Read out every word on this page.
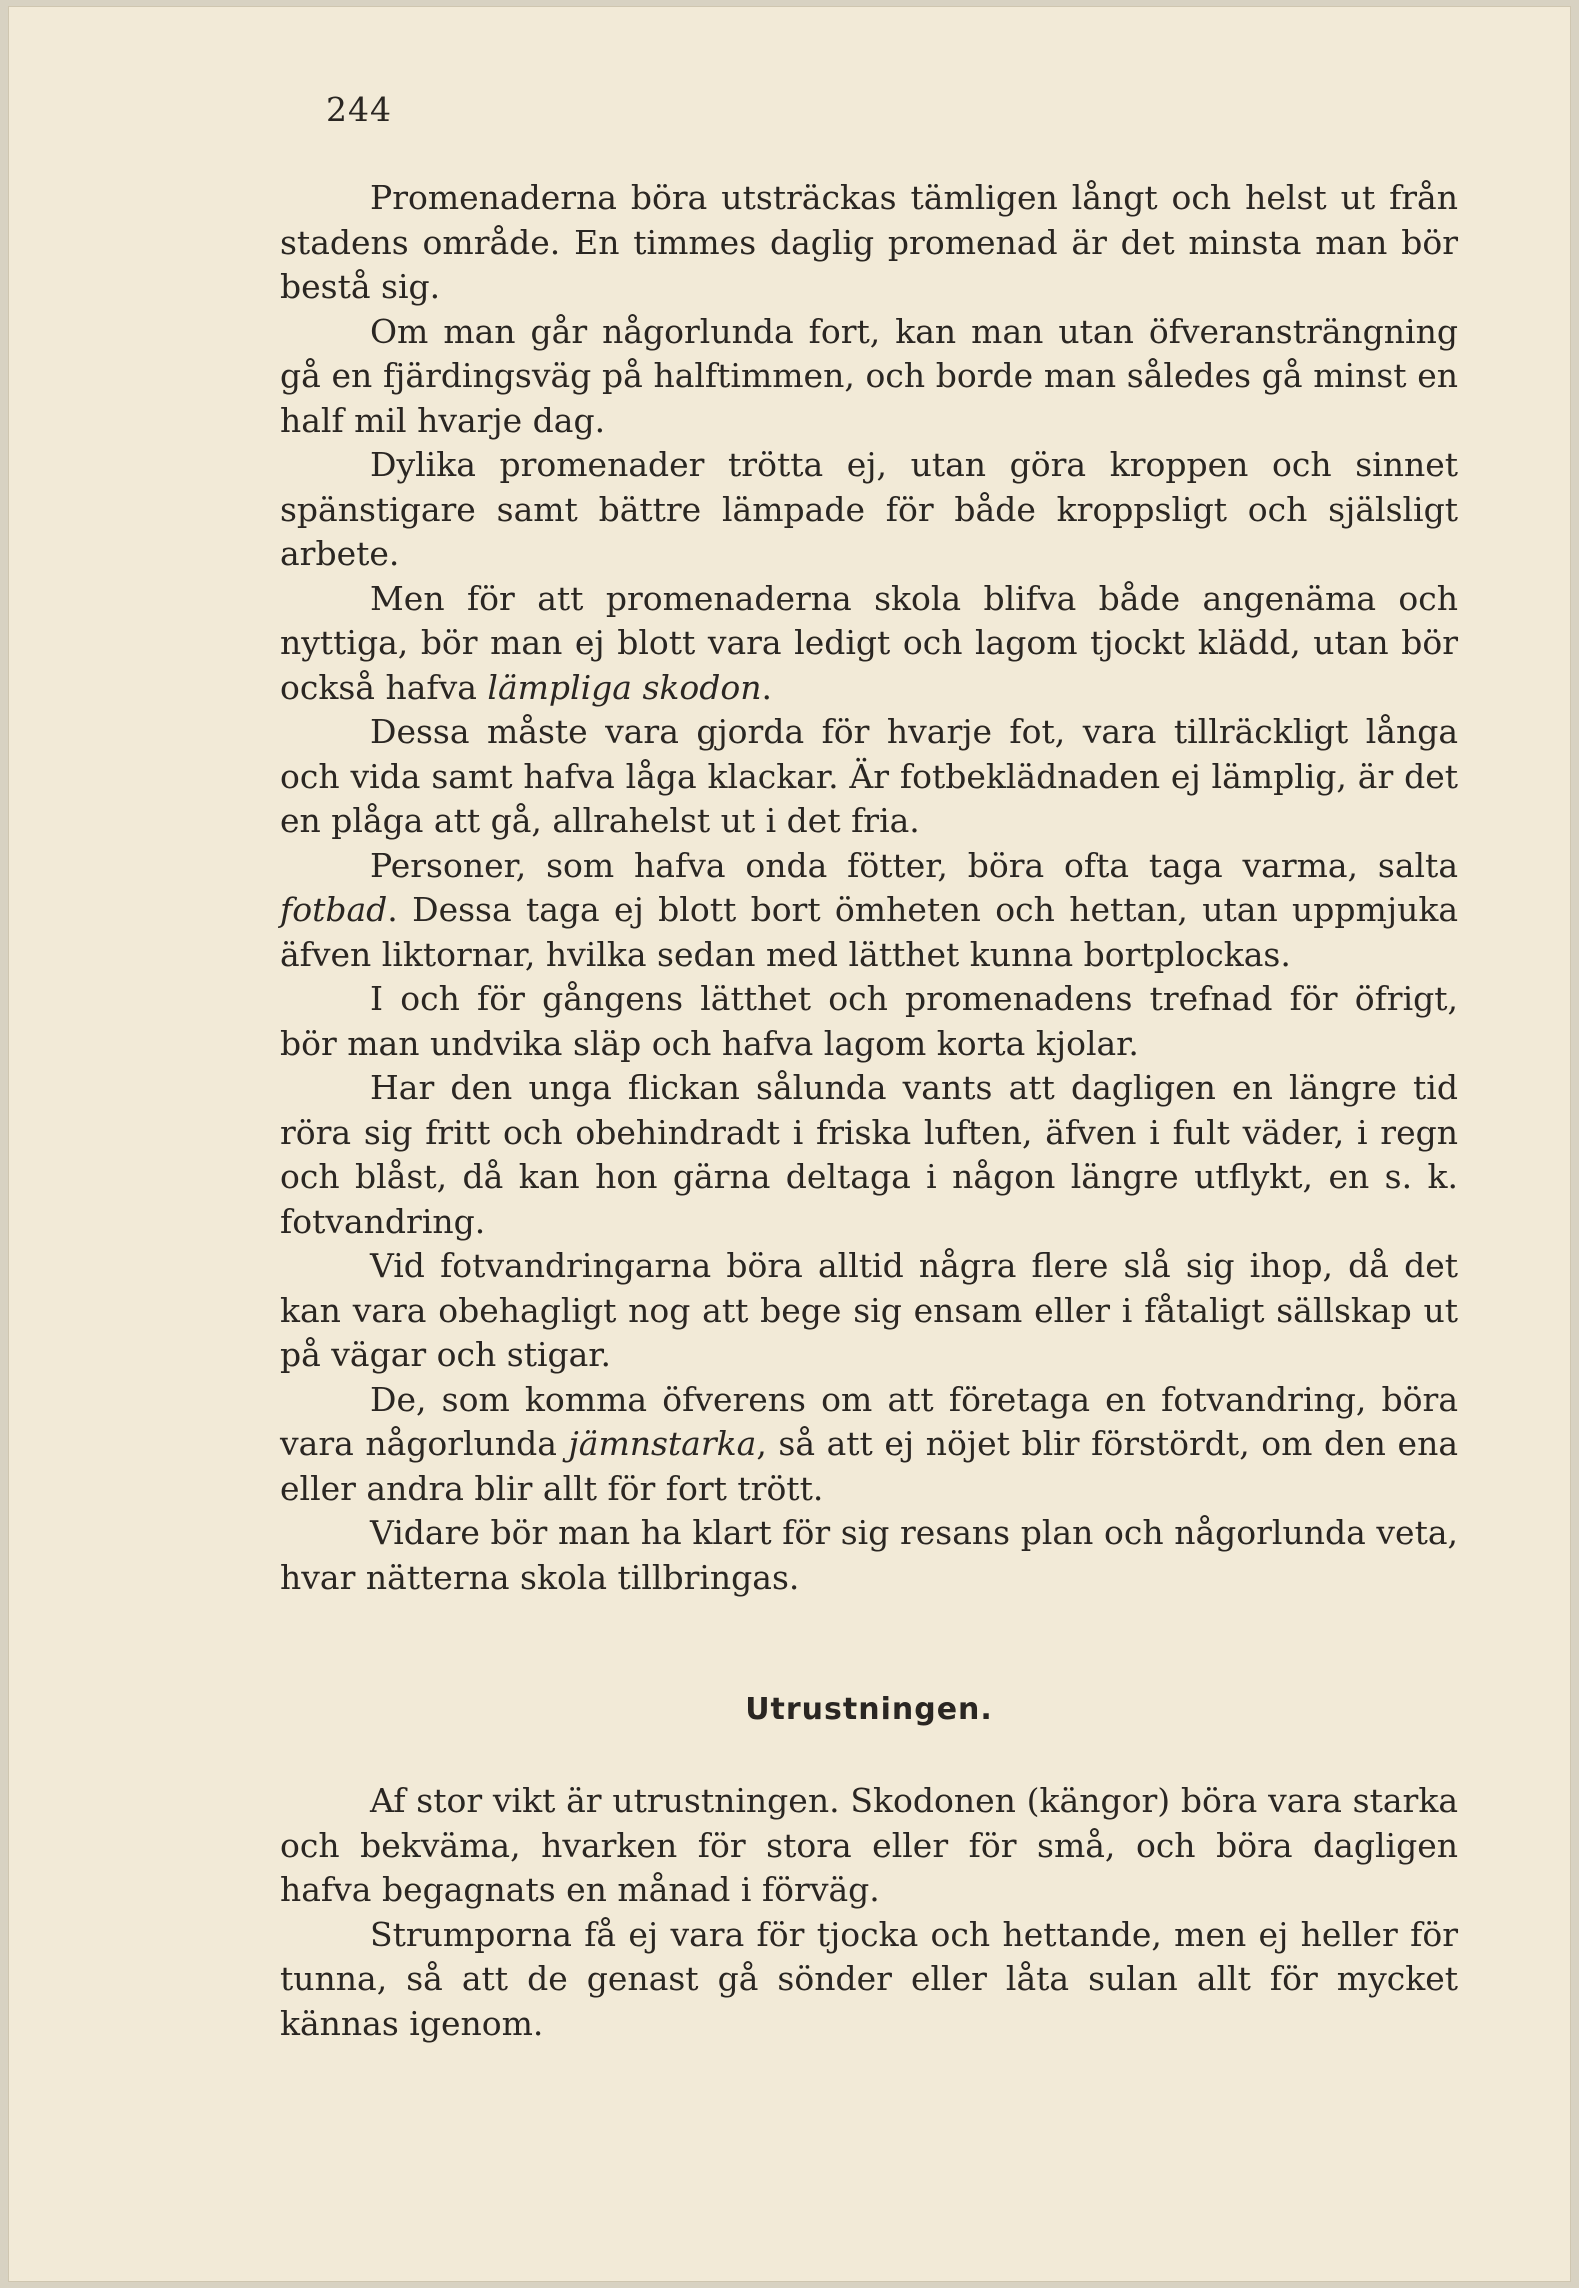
244

Promenaderna böra utsträckas tämligen långt och helst ut från stadens område. En timmes daglig promenad är det minsta man bör bestå sig.

Om man går någorlunda fort, kan man utan öfveransträngning gå en fjärdingsväg på halftimmen, och borde man således gå minst en half mil hvarje dag.

Dylika promenader trötta ej, utan göra kroppen och sinnet spänstigare samt bättre lämpade för både kroppsligt och själsligt arbete.

Men för att promenaderna skola blifva både angenäma och nyttiga, bör man ej blott vara ledigt och lagom tjockt klädd, utan bör också hafva lämpliga skodon.

Dessa måste vara gjorda för hvarje fot, vara tillräckligt långa och vida samt hafva låga klackar. Är fotbeklädnaden ej lämplig, är det en plåga att gå, allrahelst ut i det fria.

Personer, som hafva onda fötter, böra ofta taga varma, salta fotbad. Dessa taga ej blott bort ömheten och hettan, utan uppmjuka äfven liktornar, hvilka sedan med lätthet kunna bortplockas.

I och för gångens lätthet och promenadens trefnad för öfrigt, bör man undvika släp och hafva lagom korta kjolar.

Har den unga flickan sålunda vants att dagligen en längre tid röra sig fritt och obehindradt i friska luften, äfven i fult väder, i regn och blåst, då kan hon gärna deltaga i någon längre utflykt, en s. k. fotvandring.

Vid fotvandringarna böra alltid några flere slå sig ihop, då det kan vara obehagligt nog att bege sig ensam eller i fåtaligt sällskap ut på vägar och stigar.

De, som komma öfverens om att företaga en fotvandring, böra vara någorlunda jämnstarka, så att ej nöjet blir förstördt, om den ena eller andra blir allt för fort trött.

Vidare bör man ha klart för sig resans plan och någorlunda veta, hvar nätterna skola tillbringas.

Utrustningen.

Af stor vikt är utrustningen. Skodonen (kängor) böra vara starka och bekväma, hvarken för stora eller för små, och böra dagligen hafva begagnats en månad i förväg.

Strumporna få ej vara för tjocka och hettande, men ej heller för tunna, så att de genast gå sönder eller låta sulan allt för mycket kännas igenom.
